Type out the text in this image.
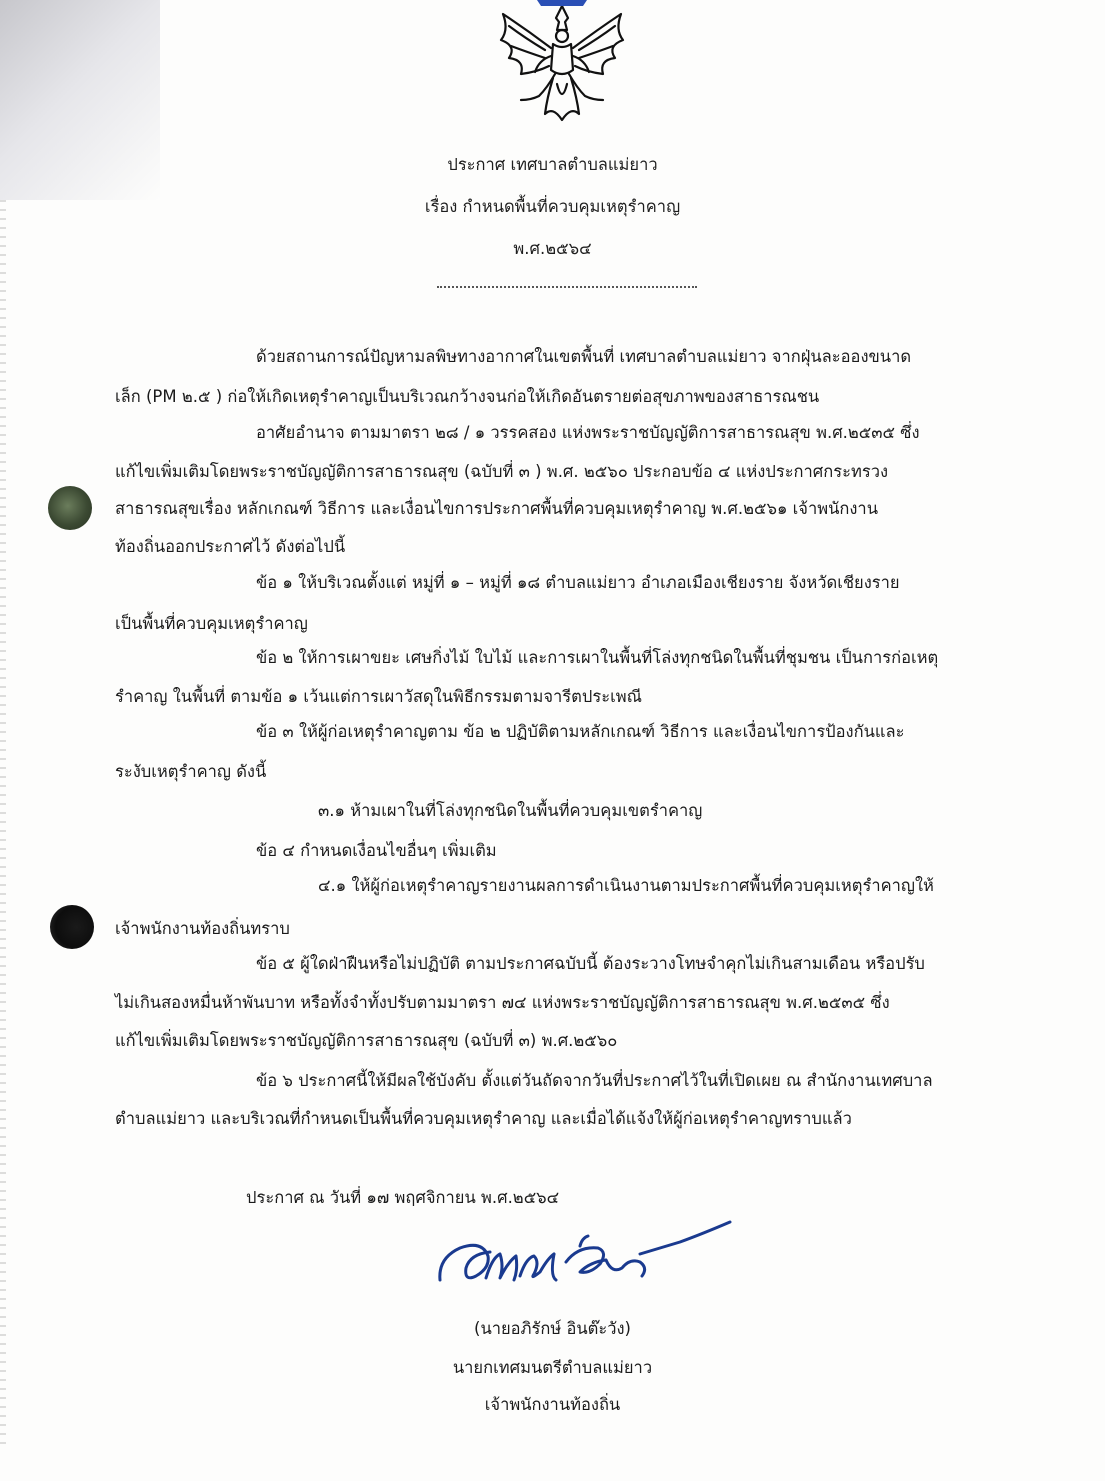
ประกาศ เทศบาลตำบลแม่ยาว
เรื่อง กำหนดพื้นที่ควบคุมเหตุรำคาญ
พ.ศ.๒๕๖๔
ด้วยสถานการณ์ปัญหามลพิษทางอากาศในเขตพื้นที่ เทศบาลตำบลแม่ยาว จากฝุ่นละอองขนาด
เล็ก (PM ๒.๕ ) ก่อให้เกิดเหตุรำคาญเป็นบริเวณกว้างจนก่อให้เกิดอันตรายต่อสุขภาพของสาธารณชน
อาศัยอำนาจ ตามมาตรา ๒๘ / ๑ วรรคสอง แห่งพระราชบัญญัติการสาธารณสุข พ.ศ.๒๕๓๕ ซึ่ง
แก้ไขเพิ่มเติมโดยพระราชบัญญัติการสาธารณสุข (ฉบับที่ ๓ ) พ.ศ. ๒๕๖๐ ประกอบข้อ ๔ แห่งประกาศกระทรวง
สาธารณสุขเรื่อง หลักเกณฑ์ วิธีการ และเงื่อนไขการประกาศพื้นที่ควบคุมเหตุรำคาญ พ.ศ.๒๕๖๑ เจ้าพนักงาน
ท้องถิ่นออกประกาศไว้ ดังต่อไปนี้
ข้อ ๑ ให้บริเวณตั้งแต่ หมู่ที่ ๑ – หมู่ที่ ๑๘ ตำบลแม่ยาว อำเภอเมืองเชียงราย จังหวัดเชียงราย
เป็นพื้นที่ควบคุมเหตุรำคาญ
ข้อ ๒ ให้การเผาขยะ เศษกิ่งไม้ ใบไม้ และการเผาในพื้นที่โล่งทุกชนิดในพื้นที่ชุมชน เป็นการก่อเหตุ
รำคาญ ในพื้นที่ ตามข้อ ๑ เว้นแต่การเผาวัสดุในพิธีกรรมตามจารีตประเพณี
ข้อ ๓ ให้ผู้ก่อเหตุรำคาญตาม ข้อ ๒ ปฏิบัติตามหลักเกณฑ์ วิธีการ และเงื่อนไขการป้องกันและ
ระงับเหตุรำคาญ ดังนี้
๓.๑ ห้ามเผาในที่โล่งทุกชนิดในพื้นที่ควบคุมเขตรำคาญ
ข้อ ๔ กำหนดเงื่อนไขอื่นๆ เพิ่มเติม
๔.๑ ให้ผู้ก่อเหตุรำคาญรายงานผลการดำเนินงานตามประกาศพื้นที่ควบคุมเหตุรำคาญให้
เจ้าพนักงานท้องถิ่นทราบ
ข้อ ๕ ผู้ใดฝ่าฝืนหรือไม่ปฏิบัติ ตามประกาศฉบับนี้ ต้องระวางโทษจำคุกไม่เกินสามเดือน หรือปรับ
ไม่เกินสองหมื่นห้าพันบาท หรือทั้งจำทั้งปรับตามมาตรา ๗๔ แห่งพระราชบัญญัติการสาธารณสุข พ.ศ.๒๕๓๕ ซึ่ง
แก้ไขเพิ่มเติมโดยพระราชบัญญัติการสาธารณสุข (ฉบับที่ ๓) พ.ศ.๒๕๖๐
ข้อ ๖ ประกาศนี้ให้มีผลใช้บังคับ ตั้งแต่วันถัดจากวันที่ประกาศไว้ในที่เปิดเผย ณ สำนักงานเทศบาล
ตำบลแม่ยาว และบริเวณที่กำหนดเป็นพื้นที่ควบคุมเหตุรำคาญ และเมื่อได้แจ้งให้ผู้ก่อเหตุรำคาญทราบแล้ว
ประกาศ ณ วันที่ ๑๗ พฤศจิกายน พ.ศ.๒๕๖๔
(นายอภิรักษ์ อินต๊ะวัง)
นายกเทศมนตรีตำบลแม่ยาว
เจ้าพนักงานท้องถิ่น
